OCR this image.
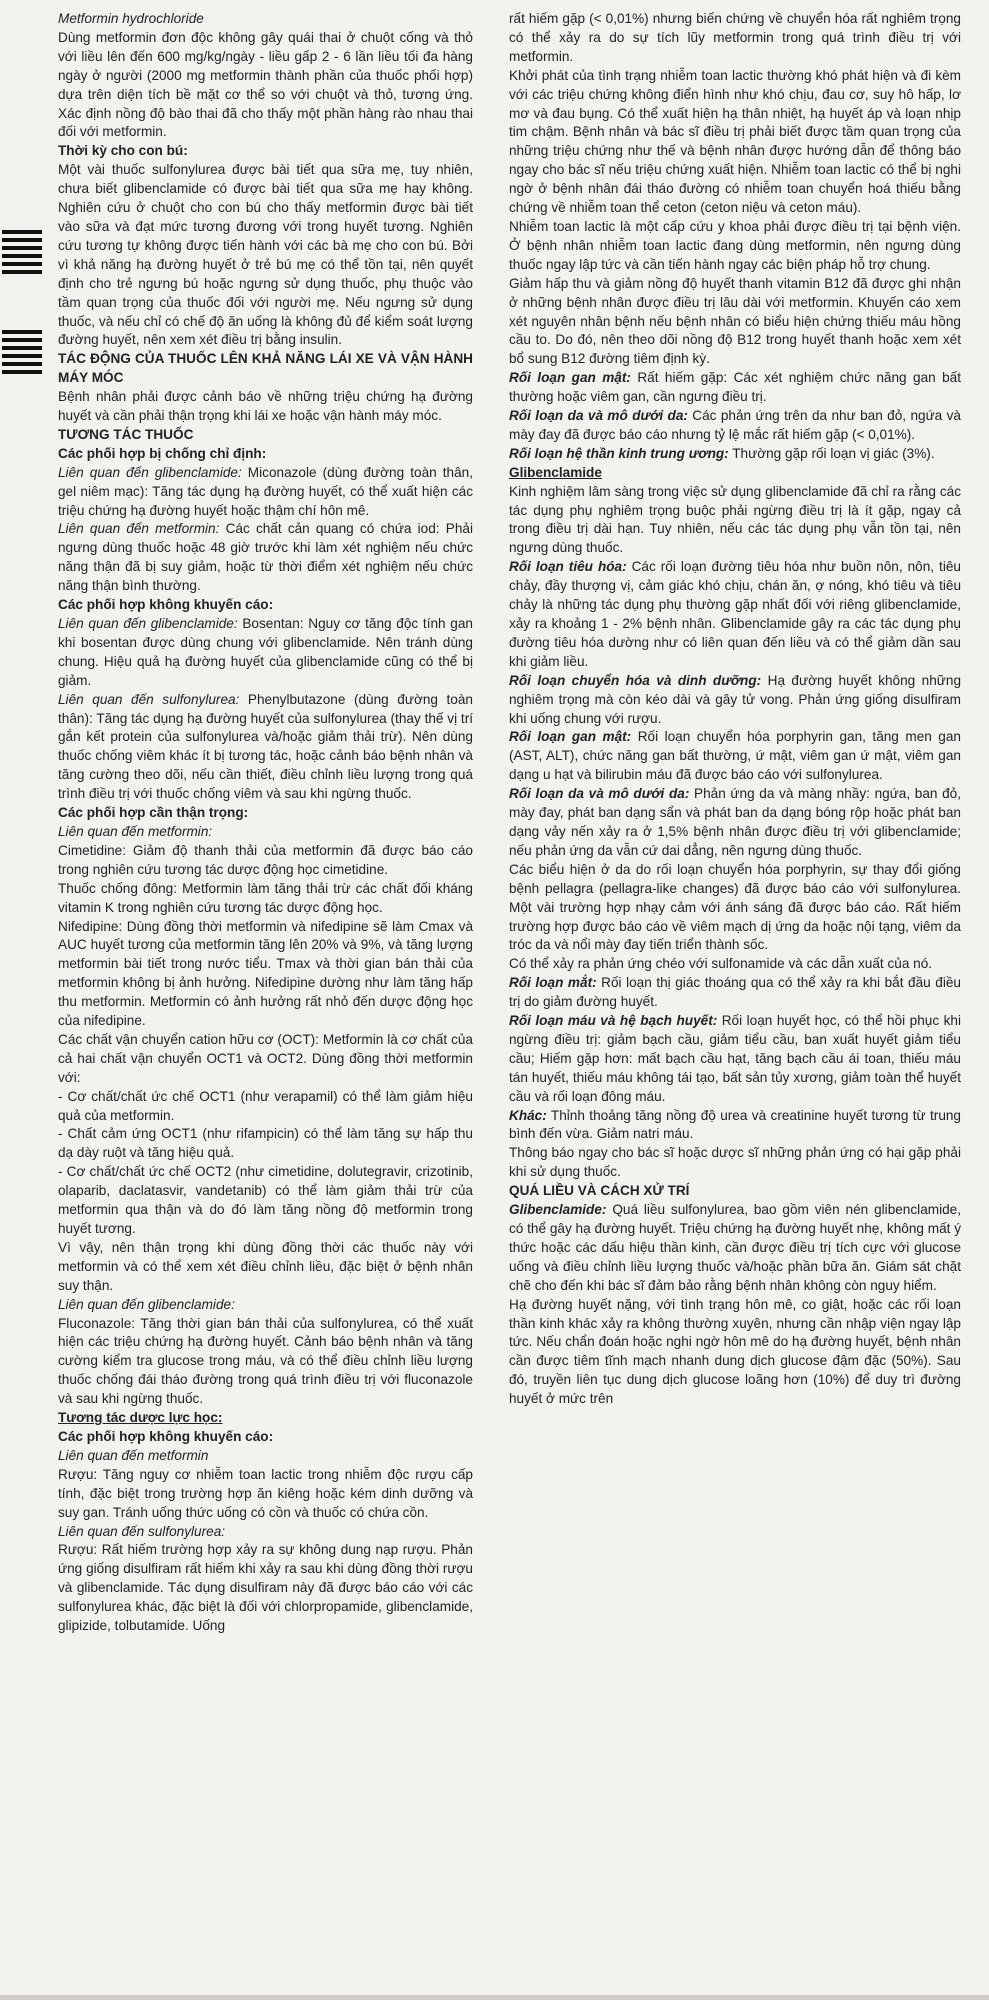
Metformin hydrochloride

Dùng metformin đơn độc không gây quái thai ở chuột cống và thỏ với liều lên đến 600 mg/kg/ngày - liều gấp 2 - 6 lần liều tối đa hàng ngày ở người (2000 mg metformin thành phần của thuốc phối hợp) dựa trên diện tích bề mặt cơ thể so với chuột và thỏ, tương ứng. Xác định nồng độ bào thai đã cho thấy một phần hàng rào nhau thai đối với metformin.

Thời kỳ cho con bú:

Một vài thuốc sulfonylurea được bài tiết qua sữa mẹ, tuy nhiên, chưa biết glibenclamide có được bài tiết qua sữa mẹ hay không. Nghiên cứu ở chuột cho con bú cho thấy metformin được bài tiết vào sữa và đạt mức tương đương với trong huyết tương. Nghiên cứu tương tự không được tiến hành với các bà mẹ cho con bú. Bởi vì khả năng hạ đường huyết ở trẻ bú mẹ có thể tồn tại, nên quyết định cho trẻ ngưng bú hoặc ngưng sử dụng thuốc, phụ thuộc vào tầm quan trọng của thuốc đối với người mẹ. Nếu ngưng sử dụng thuốc, và nếu chỉ có chế độ ăn uống là không đủ để kiểm soát lượng đường huyết, nên xem xét điều trị bằng insulin.

TÁC ĐỘNG CỦA THUỐC LÊN KHẢ NĂNG LÁI XE VÀ VẬN HÀNH MÁY MÓC

Bệnh nhân phải được cảnh báo về những triệu chứng hạ đường huyết và cần phải thận trọng khi lái xe hoặc vận hành máy móc.

TƯƠNG TÁC THUỐC

Các phối hợp bị chống chỉ định:

Liên quan đến glibenclamide: Miconazole (dùng đường toàn thân, gel niêm mạc): Tăng tác dụng hạ đường huyết, có thể xuất hiện các triệu chứng hạ đường huyết hoặc thậm chí hôn mê.

Liên quan đến metformin: Các chất cản quang có chứa iod: Phải ngưng dùng thuốc hoặc 48 giờ trước khi làm xét nghiệm nếu chức năng thận đã bị suy giảm, hoặc từ thời điểm xét nghiệm nếu chức năng thận bình thường.

Các phối hợp không khuyến cáo:

Liên quan đến glibenclamide: Bosentan: Nguy cơ tăng độc tính gan khi bosentan được dùng chung với glibenclamide. Nên tránh dùng chung. Hiệu quả hạ đường huyết của glibenclamide cũng có thể bị giảm.

Liên quan đến sulfonylurea: Phenylbutazone (dùng đường toàn thân): Tăng tác dụng hạ đường huyết của sulfonylurea (thay thế vị trí gắn kết protein của sulfonylurea và/hoặc giảm thải trừ). Nên dùng thuốc chống viêm khác ít bị tương tác, hoặc cảnh báo bệnh nhân và tăng cường theo dõi, nếu cần thiết, điều chỉnh liều lượng trong quá trình điều trị với thuốc chống viêm và sau khi ngừng thuốc.

Các phối hợp cần thận trọng:

Liên quan đến metformin:

Cimetidine: Giảm độ thanh thải của metformin đã được báo cáo trong nghiên cứu tương tác dược động học cimetidine.

Thuốc chống đông: Metformin làm tăng thải trừ các chất đối kháng vitamin K trong nghiên cứu tương tác dược động học.

Nifedipine: Dùng đồng thời metformin và nifedipine sẽ làm Cmax và AUC huyết tương của metformin tăng lên 20% và 9%, và tăng lượng metformin bài tiết trong nước tiểu. Tmax và thời gian bán thải của metformin không bị ảnh hưởng. Nifedipine dường như làm tăng hấp thu metformin. Metformin có ảnh hưởng rất nhỏ đến dược động học của nifedipine.

Các chất vận chuyển cation hữu cơ (OCT): Metformin là cơ chất của cả hai chất vận chuyển OCT1 và OCT2. Dùng đồng thời metformin với:

- Cơ chất/chất ức chế OCT1 (như verapamil) có thể làm giảm hiệu quả của metformin.

- Chất cảm ứng OCT1 (như rifampicin) có thể làm tăng sự hấp thu dạ dày ruột và tăng hiệu quả.

- Cơ chất/chất ức chế OCT2 (như cimetidine, dolutegravir, crizotinib, olaparib, daclatasvir, vandetanib) có thể làm giảm thải trừ của metformin qua thận và do đó làm tăng nồng độ metformin trong huyết tương.

Vì vậy, nên thận trọng khi dùng đồng thời các thuốc này với metformin và có thể xem xét điều chỉnh liều, đặc biệt ở bệnh nhân suy thận.

Liên quan đến glibenclamide:

Fluconazole: Tăng thời gian bán thải của sulfonylurea, có thể xuất hiện các triệu chứng hạ đường huyết. Cảnh báo bệnh nhân và tăng cường kiểm tra glucose trong máu, và có thể điều chỉnh liều lượng thuốc chống đái tháo đường trong quá trình điều trị với fluconazole và sau khi ngừng thuốc.

Tương tác dược lực học:

Các phối hợp không khuyến cáo:

Liên quan đến metformin

Rượu: Tăng nguy cơ nhiễm toan lactic trong nhiễm độc rượu cấp tính, đặc biệt trong trường hợp ăn kiêng hoặc kém dinh dưỡng và suy gan. Tránh uống thức uống có cồn và thuốc có chứa cồn.

Liên quan đến sulfonylurea:

Rượu: Rất hiếm trường hợp xảy ra sự không dung nạp rượu. Phản ứng giống disulfiram rất hiếm khi xảy ra sau khi dùng đồng thời rượu và glibenclamide. Tác dụng disulfiram này đã được báo cáo với các sulfonylurea khác, đặc biệt là đối với chlorpropamide, glibenclamide, glipizide, tolbutamide. Uống

rất hiếm gặp (< 0,01%) nhưng biến chứng về chuyển hóa rất nghiêm trọng có thể xảy ra do sự tích lũy metformin trong quá trình điều trị với metformin.

Khởi phát của tình trạng nhiễm toan lactic thường khó phát hiện và đi kèm với các triệu chứng không điển hình như khó chịu, đau cơ, suy hô hấp, lơ mơ và đau bụng. Có thể xuất hiện hạ thân nhiệt, hạ huyết áp và loạn nhịp tim chậm. Bệnh nhân và bác sĩ điều trị phải biết được tầm quan trọng của những triệu chứng như thế và bệnh nhân được hướng dẫn để thông báo ngay cho bác sĩ nếu triệu chứng xuất hiện. Nhiễm toan lactic có thể bị nghi ngờ ở bệnh nhân đái tháo đường có nhiễm toan chuyển hoá thiếu bằng chứng về nhiễm toan thể ceton (ceton niệu và ceton máu).

Nhiễm toan lactic là một cấp cứu y khoa phải được điều trị tại bệnh viện. Ở bệnh nhân nhiễm toan lactic đang dùng metformin, nên ngưng dùng thuốc ngay lập tức và cần tiến hành ngay các biện pháp hỗ trợ chung.

Giảm hấp thu và giảm nồng độ huyết thanh vitamin B12 đã được ghi nhận ở những bệnh nhân được điều trị lâu dài với metformin. Khuyến cáo xem xét nguyên nhân bệnh nếu bệnh nhân có biểu hiện chứng thiếu máu hồng cầu to. Do đó, nên theo dõi nồng độ B12 trong huyết thanh hoặc xem xét bổ sung B12 đường tiêm định kỳ.

Rối loạn gan mật: Rất hiếm gặp: Các xét nghiệm chức năng gan bất thường hoặc viêm gan, cần ngưng điều trị.

Rối loạn da và mô dưới da: Các phản ứng trên da như ban đỏ, ngứa và mày đay đã được báo cáo nhưng tỷ lệ mắc rất hiếm gặp (< 0,01%).

Rối loạn hệ thần kinh trung ương: Thường gặp rối loạn vị giác (3%).

Glibenclamide

Kinh nghiệm lâm sàng trong việc sử dụng glibenclamide đã chỉ ra rằng các tác dụng phụ nghiêm trọng buộc phải ngừng điều trị là ít gặp, ngay cả trong điều trị dài hạn. Tuy nhiên, nếu các tác dụng phụ vẫn tồn tại, nên ngưng dùng thuốc.

Rối loạn tiêu hóa: Các rối loạn đường tiêu hóa như buồn nôn, nôn, tiêu chảy, đầy thượng vị, cảm giác khó chịu, chán ăn, ợ nóng, khó tiêu và tiêu chảy là những tác dụng phụ thường gặp nhất đối với riêng glibenclamide, xảy ra khoảng 1 - 2% bệnh nhân. Glibenclamide gây ra các tác dụng phụ đường tiêu hóa dường như có liên quan đến liều và có thể giảm dần sau khi giảm liều.

Rối loạn chuyển hóa và dinh dưỡng: Hạ đường huyết không những nghiêm trọng mà còn kéo dài và gây tử vong. Phản ứng giống disulfiram khi uống chung với rượu.

Rối loạn gan mật: Rối loạn chuyển hóa porphyrin gan, tăng men gan (AST, ALT), chức năng gan bất thường, ứ mật, viêm gan ứ mật, viêm gan dạng u hạt và bilirubin máu đã được báo cáo với sulfonylurea.

Rối loạn da và mô dưới da: Phản ứng da và màng nhầy: ngứa, ban đỏ, mày đay, phát ban dạng sẩn và phát ban da dạng bóng rộp hoặc phát ban dạng vảy nến xảy ra ở 1,5% bệnh nhân được điều trị với glibenclamide; nếu phản ứng da vẫn cứ dai dẳng, nên ngưng dùng thuốc.

Các biểu hiện ở da do rối loạn chuyển hóa porphyrin, sự thay đổi giống bệnh pellagra (pellagra-like changes) đã được báo cáo với sulfonylurea. Một vài trường hợp nhạy cảm với ánh sáng đã được báo cáo. Rất hiếm trường hợp được báo cáo về viêm mạch dị ứng da hoặc nội tạng, viêm da tróc da và nổi mày đay tiến triển thành sốc.

Có thể xảy ra phản ứng chéo với sulfonamide và các dẫn xuất của nó.

Rối loạn mắt: Rối loạn thị giác thoáng qua có thể xảy ra khi bắt đầu điều trị do giảm đường huyết.

Rối loạn máu và hệ bạch huyết: Rối loạn huyết học, có thể hồi phục khi ngừng điều trị: giảm bạch cầu, giảm tiểu cầu, ban xuất huyết giảm tiểu cầu; Hiếm gặp hơn: mất bạch cầu hạt, tăng bạch cầu ái toan, thiếu máu tán huyết, thiếu máu không tái tạo, bất sản tủy xương, giảm toàn thể huyết cầu và rối loạn đông máu.

Khác: Thỉnh thoảng tăng nồng độ urea và creatinine huyết tương từ trung bình đến vừa. Giảm natri máu.

Thông báo ngay cho bác sĩ hoặc dược sĩ những phản ứng có hại gặp phải khi sử dụng thuốc.

QUÁ LIỀU VÀ CÁCH XỬ TRÍ

Glibenclamide: Quá liều sulfonylurea, bao gồm viên nén glibenclamide, có thể gây hạ đường huyết. Triệu chứng hạ đường huyết nhẹ, không mất ý thức hoặc các dấu hiệu thần kinh, cần được điều trị tích cực với glucose uống và điều chỉnh liều lượng thuốc và/hoặc phần bữa ăn. Giám sát chặt chẽ cho đến khi bác sĩ đảm bảo rằng bệnh nhân không còn nguy hiểm.

Hạ đường huyết nặng, với tình trạng hôn mê, co giật, hoặc các rối loạn thần kinh khác xảy ra không thường xuyên, nhưng cần nhập viện ngay lập tức. Nếu chẩn đoán hoặc nghi ngờ hôn mê do hạ đường huyết, bệnh nhân cần được tiêm tĩnh mạch nhanh dung dịch glucose đậm đặc (50%). Sau đó, truyền liên tục dung dịch glucose loãng hơn (10%) để duy trì đường huyết ở mức trên
